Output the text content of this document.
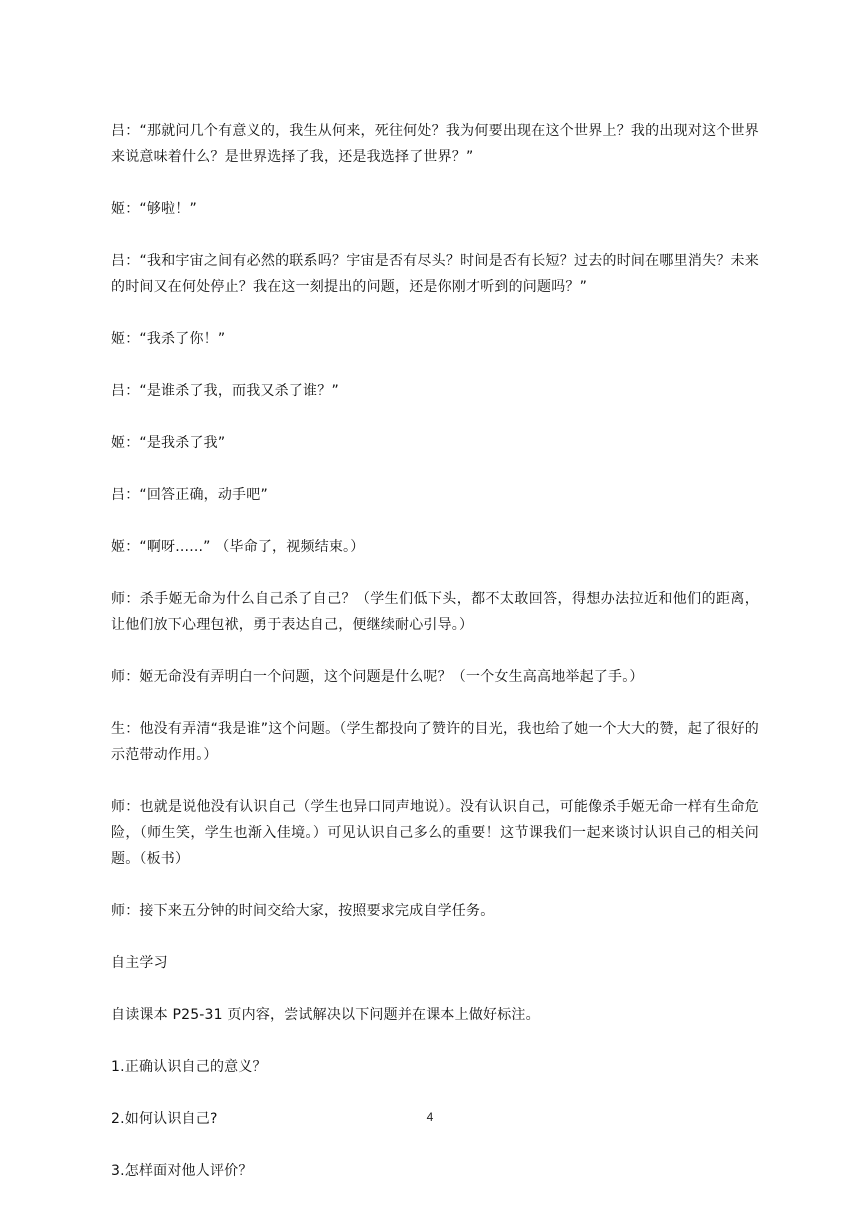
吕：“那就问几个有意义的，我生从何来，死往何处？我为何要出现在这个世界上？我的出现对这个世界来说意味着什么？是世界选择了我，还是我选择了世界？”

姬：“够啦！”

吕：“我和宇宙之间有必然的联系吗？宇宙是否有尽头？时间是否有长短？过去的时间在哪里消失？未来的时间又在何处停止？我在这一刻提出的问题，还是你刚才听到的问题吗？”

姬：“我杀了你！”

吕：“是谁杀了我，而我又杀了谁？”

姬：“是我杀了我”

吕：“回答正确，动手吧”

姬：“啊呀......” （毕命了，视频结束。）

师：杀手姬无命为什么自己杀了自己？（学生们低下头，都不太敢回答，得想办法拉近和他们的距离，让他们放下心理包袱，勇于表达自己，便继续耐心引导。）

师：姬无命没有弄明白一个问题，这个问题是什么呢？（一个女生高高地举起了手。）

生：他没有弄清“我是谁”这个问题。（学生都投向了赞许的目光，我也给了她一个大大的赞，起了很好的示范带动作用。）

师：也就是说他没有认识自己（学生也异口同声地说）。没有认识自己，可能像杀手姬无命一样有生命危险，（师生笑，学生也渐入佳境。）可见认识自己多么的重要！这节课我们一起来谈讨认识自己的相关问题。（板书）

师：接下来五分钟的时间交给大家，按照要求完成自学任务。

自主学习

自读课本 P25-31 页内容，尝试解决以下问题并在课本上做好标注。

1.正确认识自己的意义？

2.如何认识自己?

3.怎样面对他人评价？

4
